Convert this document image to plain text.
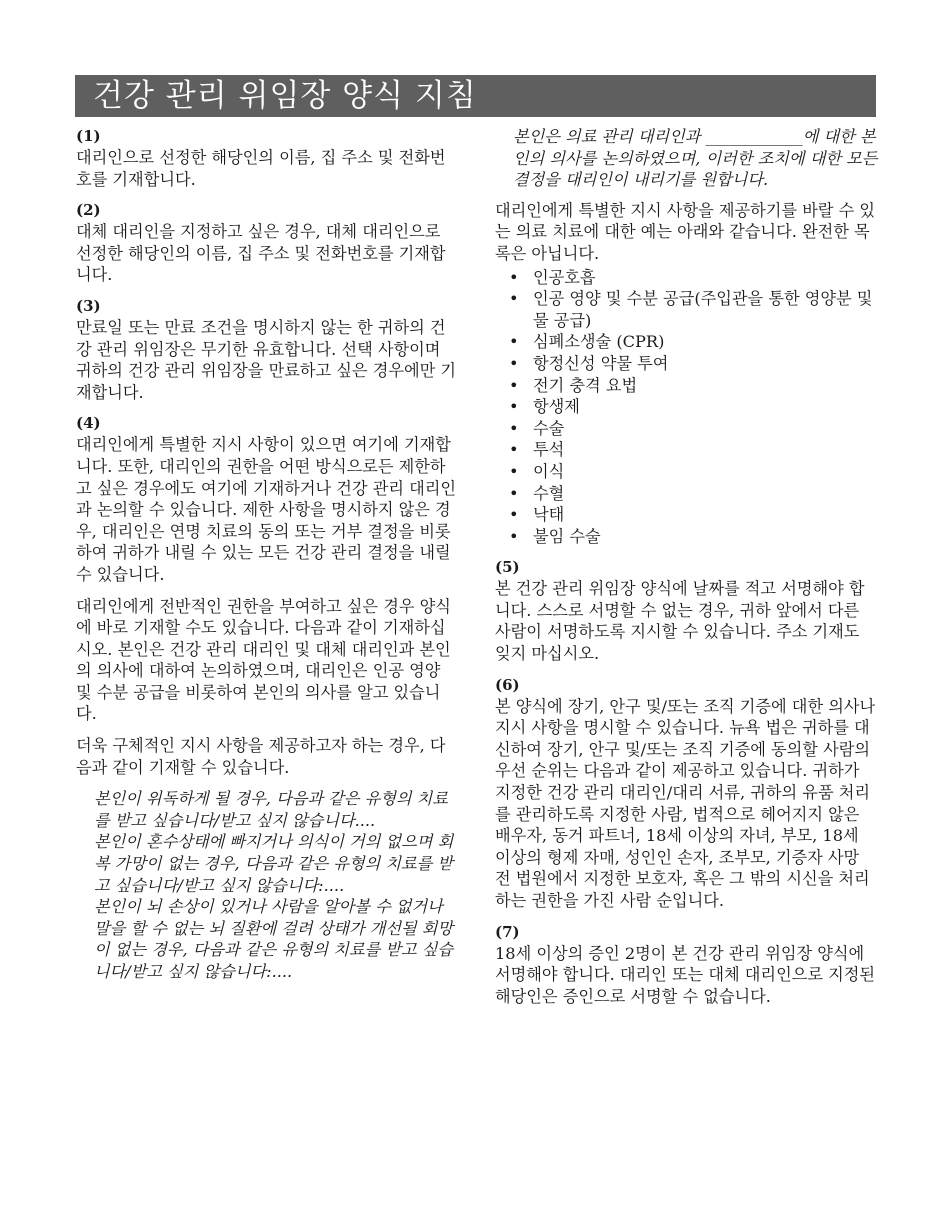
건강 관리 위임장 양식 지침
(1)

대리인으로 선정한 해당인의 이름, 집 주소 및 전화번호를 기재합니다.

(2)

대체 대리인을 지정하고 싶은 경우, 대체 대리인으로 선정한 해당인의 이름, 집 주소 및 전화번호를 기재합니다.

(3)

만료일 또는 만료 조건을 명시하지 않는 한 귀하의 건강 관리 위임장은 무기한 유효합니다. 선택 사항이며 귀하의 건강 관리 위임장을 만료하고 싶은 경우에만 기재합니다.

(4)

대리인에게 특별한 지시 사항이 있으면 여기에 기재합니다. 또한, 대리인의 권한을 어떤 방식으로든 제한하고 싶은 경우에도 여기에 기재하거나 건강 관리 대리인과 논의할 수 있습니다. 제한 사항을 명시하지 않은 경우, 대리인은 연명 치료의 동의 또는 거부 결정을 비롯하여 귀하가 내릴 수 있는 모든 건강 관리 결정을 내릴 수 있습니다.

대리인에게 전반적인 권한을 부여하고 싶은 경우 양식에 바로 기재할 수도 있습니다. 다음과 같이 기재하십시오. 본인은 건강 관리 대리인 및 대체 대리인과 본인의 의사에 대하여 논의하였으며, 대리인은 인공 영양 및 수분 공급을 비롯하여 본인의 의사를 알고 있습니다.

더욱 구체적인 지시 사항을 제공하고자 하는 경우, 다음과 같이 기재할 수 있습니다.

본인이 위독하게 될 경우, 다음과 같은 유형의 치료를 받고 싶습니다/받고 싶지 않습니다....

본인이 혼수상태에 빠지거나 의식이 거의 없으며 회복 가망이 없는 경우, 다음과 같은 유형의 치료를 받고 싶습니다/받고 싶지 않습니다:....

본인이 뇌 손상이 있거나 사람을 알아볼 수 없거나 말을 할 수 없는 뇌 질환에 걸려 상태가 개선될 회망이 없는 경우, 다음과 같은 유형의 치료를 받고 싶습니다/받고 싶지 않습니다:....

본인은 의료 관리 대리인과 ____________에 대한 본인의 의사를 논의하였으며, 이러한 조치에 대한 모든 결정을 대리인이 내리기를 원합니다.

대리인에게 특별한 지시 사항을 제공하기를 바랄 수 있는 의료 치료에 대한 예는 아래와 같습니다. 완전한 목록은 아닙니다.

• 인공호흡
• 인공 영양 및 수분 공급(주입관을 통한 영양분 및 물 공급)
• 심폐소생술 (CPR)
• 항정신성 약물 투여
• 전기 충격 요법
• 항생제
• 수술
• 투석
• 이식
• 수혈
• 낙태
• 불임 수술
(5)

본 건강 관리 위임장 양식에 날짜를 적고 서명해야 합니다. 스스로 서명할 수 없는 경우, 귀하 앞에서 다른 사람이 서명하도록 지시할 수 있습니다. 주소 기재도 잊지 마십시오.

(6)

본 양식에 장기, 안구 및/또는 조직 기증에 대한 의사나 지시 사항을 명시할 수 있습니다. 뉴욕 법은 귀하를 대신하여 장기, 안구 및/또는 조직 기증에 동의할 사람의 우선 순위는 다음과 같이 제공하고 있습니다. 귀하가 지정한 건강 관리 대리인/대리 서류, 귀하의 유품 처리를 관리하도록 지정한 사람, 법적으로 헤어지지 않은 배우자, 동거 파트너, 18세 이상의 자녀, 부모, 18세 이상의 형제 자매, 성인인 손자, 조부모, 기증자 사망 전 법원에서 지정한 보호자, 혹은 그 밖의 시신을 처리하는 권한을 가진 사람 순입니다.

(7)

18세 이상의 증인 2명이 본 건강 관리 위임장 양식에 서명해야 합니다. 대리인 또는 대체 대리인으로 지정된 해당인은 증인으로 서명할 수 없습니다.
